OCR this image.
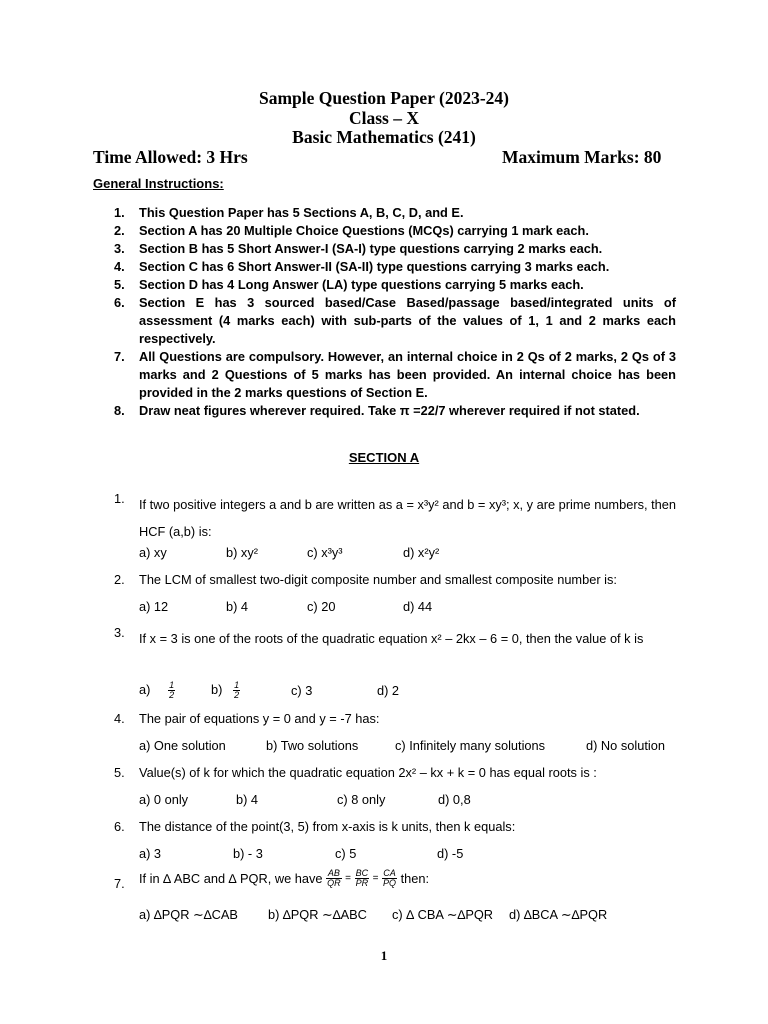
Sample Question Paper (2023-24)
Class – X
Basic Mathematics (241)
Time Allowed: 3 Hrs	Maximum Marks: 80
General Instructions:
1. This Question Paper has 5 Sections A, B, C, D, and E.
2. Section A has 20 Multiple Choice Questions (MCQs) carrying 1 mark each.
3. Section B has 5 Short Answer-I (SA-I) type questions carrying 2 marks each.
4. Section C has 6 Short Answer-II (SA-II) type questions carrying 3 marks each.
5. Section D has 4 Long Answer (LA) type questions carrying 5 marks each.
6. Section E has 3 sourced based/Case Based/passage based/integrated units of assessment (4 marks each) with sub-parts of the values of 1, 1 and 2 marks each respectively.
7. All Questions are compulsory. However, an internal choice in 2 Qs of 2 marks, 2 Qs of 3 marks and 2 Questions of 5 marks has been provided. An internal choice has been provided in the 2 marks questions of Section E.
8. Draw neat figures wherever required. Take π =22/7 wherever required if not stated.
SECTION A
1. If two positive integers a and b are written as a = x³y² and b = xy³; x, y are prime numbers, then HCF (a,b) is:
a) xy	b) xy²	c) x³y³	d) x²y²
2. The LCM of smallest two-digit composite number and smallest composite number is:
a) 12	b) 4	c) 20	d) 44
3. If x = 3 is one of the roots of the quadratic equation x² – 2kx – 6 = 0, then the value of k is
$a) \frac{1}{2}$	$b) \frac{1}{2}$	c) 3	d) 2
4. The pair of equations y = 0 and y = -7 has:
a) One solution	b) Two solutions	c) Infinitely many solutions	d) No solution
5. Value(s) of k for which the quadratic equation 2x² – kx + k = 0 has equal roots is :
a) 0 only	b) 4	c) 8 only	d) 0,8
6. The distance of the point(3, 5) from x-axis is k units, then k equals:
a) 3	b) - 3	c) 5	d) -5
7. If in ∆ ABC and ∆ PQR, we have $\frac{AB}{QR} = \frac{BC}{PR} = \frac{CA}{PQ}$ then:
a) ∆PQR ∼∆CAB b) ∆PQR ∼∆ABC c) ∆ CBA ∼∆PQR d) ∆BCA ∼∆PQR
1
